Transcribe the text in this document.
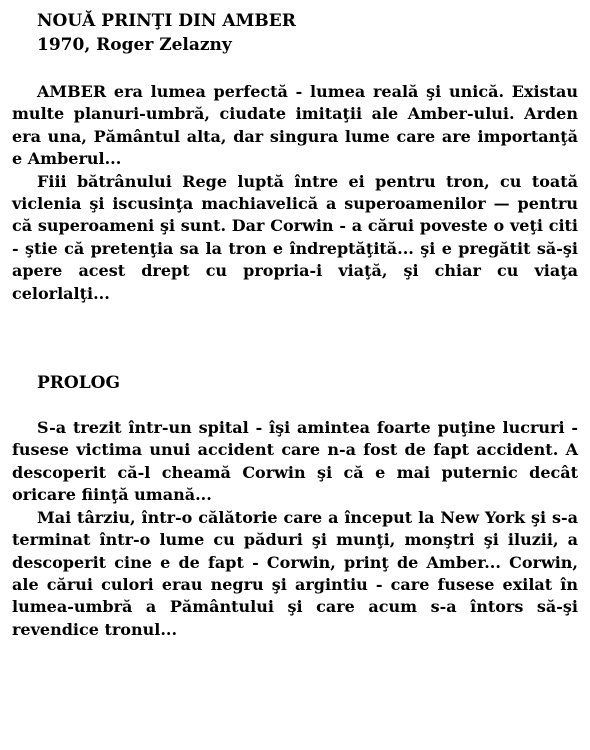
NOUĂ PRINŢI DIN AMBER
1970, Roger Zelazny

AMBER era lumea perfectă - lumea reală şi unică. Existau multe planuri-umbră, ciudate imitaţii ale Amber-ului. Arden era una, Pământul alta, dar singura lume care are importanţă e Amberul...

Fiii bătrânului Rege luptă între ei pentru tron, cu toată viclenia şi iscusinţa machiavelică a superoamenilor — pentru că superoameni şi sunt. Dar Corwin - a cărui poveste o veţi citi - ştie că pretenţia sa la tron e îndreptăţită... şi e pregătit să-şi apere acest drept cu propria-i viaţă, şi chiar cu viaţa celorlalţi...

PROLOG

S-a trezit într-un spital - îşi amintea foarte puţine lucruri - fusese victima unui accident care n-a fost de fapt accident. A descoperit că-l cheamă Corwin şi că e mai puternic decât oricare fiinţă umană...

Mai târziu, într-o călătorie care a început la New York şi s-a terminat într-o lume cu păduri şi munţi, monştri şi iluzii, a descoperit cine e de fapt - Corwin, prinţ de Amber... Corwin, ale cărui culori erau negru şi argintiu - care fusese exilat în lumea-umbră a Pământului şi care acum s-a întors să-şi revendice tronul...
